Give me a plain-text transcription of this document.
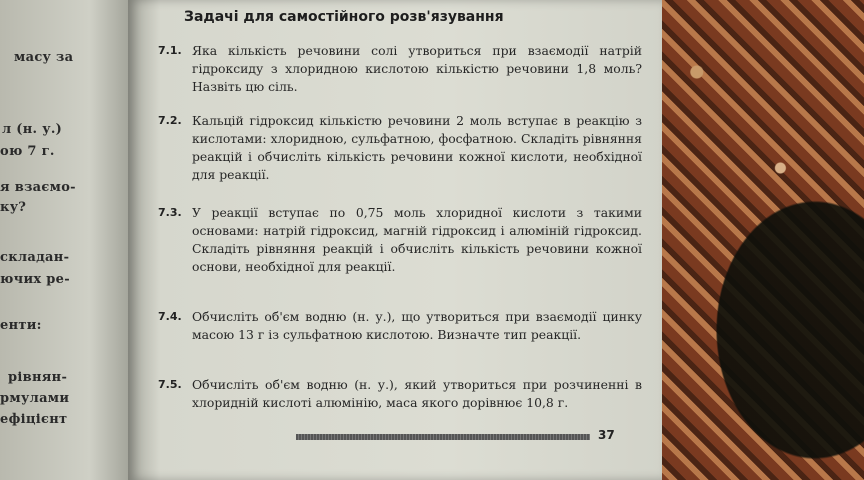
масу за
л (н. у.)
ою 7 г.
я взаємо-
ку?
складан-
ючих ре-
енти:
рівнян-
рмулами
ефіцієнт
Задачі для самостійного розв'язування
7.1. Яка кількість речовини солі утвориться при взаємодії натрій гідроксиду з хлоридною кислотою кількістю речовини 1,8 моль? Назвіть цю сіль.
7.2. Кальцій гідроксид кількістю речовини 2 моль вступає в реакцію з кислотами: хлоридною, сульфатною, фосфатною. Складіть рівняння реакцій і обчисліть кількість речовини кожної кислоти, необхідної для реакції.
7.3. У реакції вступає по 0,75 моль хлоридної кислоти з такими основами: натрій гідроксид, магній гідроксид і алюміній гідроксид. Складіть рівняння реакцій і обчисліть кількість речовини кожної основи, необхідної для реакції.
7.4. Обчисліть об'єм водню (н. у.), що утвориться при взаємодії цинку масою 13 г із сульфатною кислотою. Визначте тип реакції.
7.5. Обчисліть об'єм водню (н. у.), який утвориться при розчиненні в хлоридній кислоті алюмінію, маса якого дорівнює 10,8 г.
37
